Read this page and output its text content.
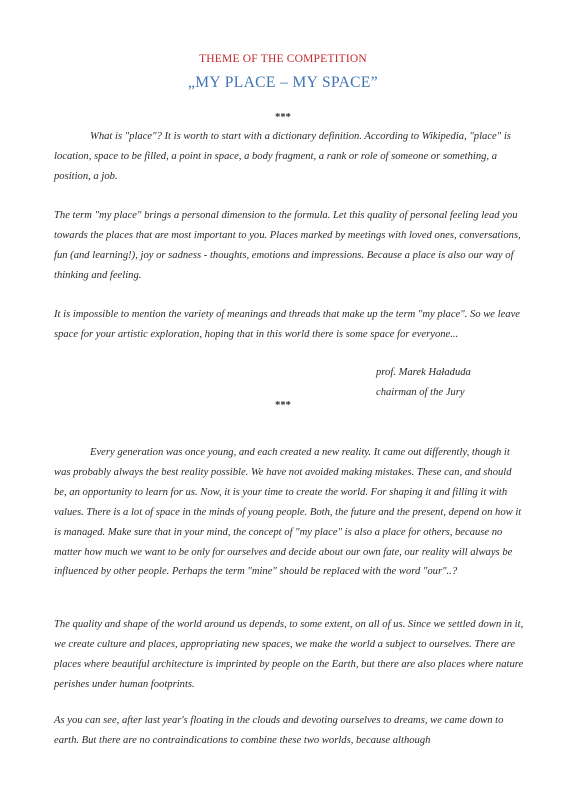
THEME OF THE COMPETITION
„MY PLACE – MY SPACE”
***

What is "place"? It is worth to start with a dictionary definition. According to Wikipedia, "place" is location, space to be filled, a point in space, a body fragment, a rank or role of someone or something, a position, a job.

The term "my place" brings a personal dimension to the formula. Let this quality of personal feeling lead you towards the places that are most important to you. Places marked by meetings with loved ones, conversations, fun (and learning!), joy or sadness - thoughts, emotions and impressions. Because a place is also our way of thinking and feeling.

It is impossible to mention the variety of meanings and threads that make up the term "my place". So we leave space for your artistic exploration, hoping that in this world there is some space for everyone...

prof. Marek Haładuda
chairman of the Jury
***

Every generation was once young, and each created a new reality. It came out differently, though it was probably always the best reality possible. We have not avoided making mistakes. These can, and should be, an opportunity to learn for us. Now, it is your time to create the world. For shaping it and filling it with values. There is a lot of space in the minds of young people. Both, the future and the present, depend on how it is managed. Make sure that in your mind, the concept of "my place" is also a place for others, because no matter how much we want to be only for ourselves and decide about our own fate, our reality will always be influenced by other people. Perhaps the term "mine" should be replaced with the word "our"..?

The quality and shape of the world around us depends, to some extent, on all of us. Since we settled down in it, we create culture and places, appropriating new spaces, we make the world a subject to ourselves. There are places where beautiful architecture is imprinted by people on the Earth, but there are also places where nature perishes under human footprints.

As you can see, after last year's floating in the clouds and devoting ourselves to dreams, we came down to earth. But there are no contraindications to combine these two worlds, because although
